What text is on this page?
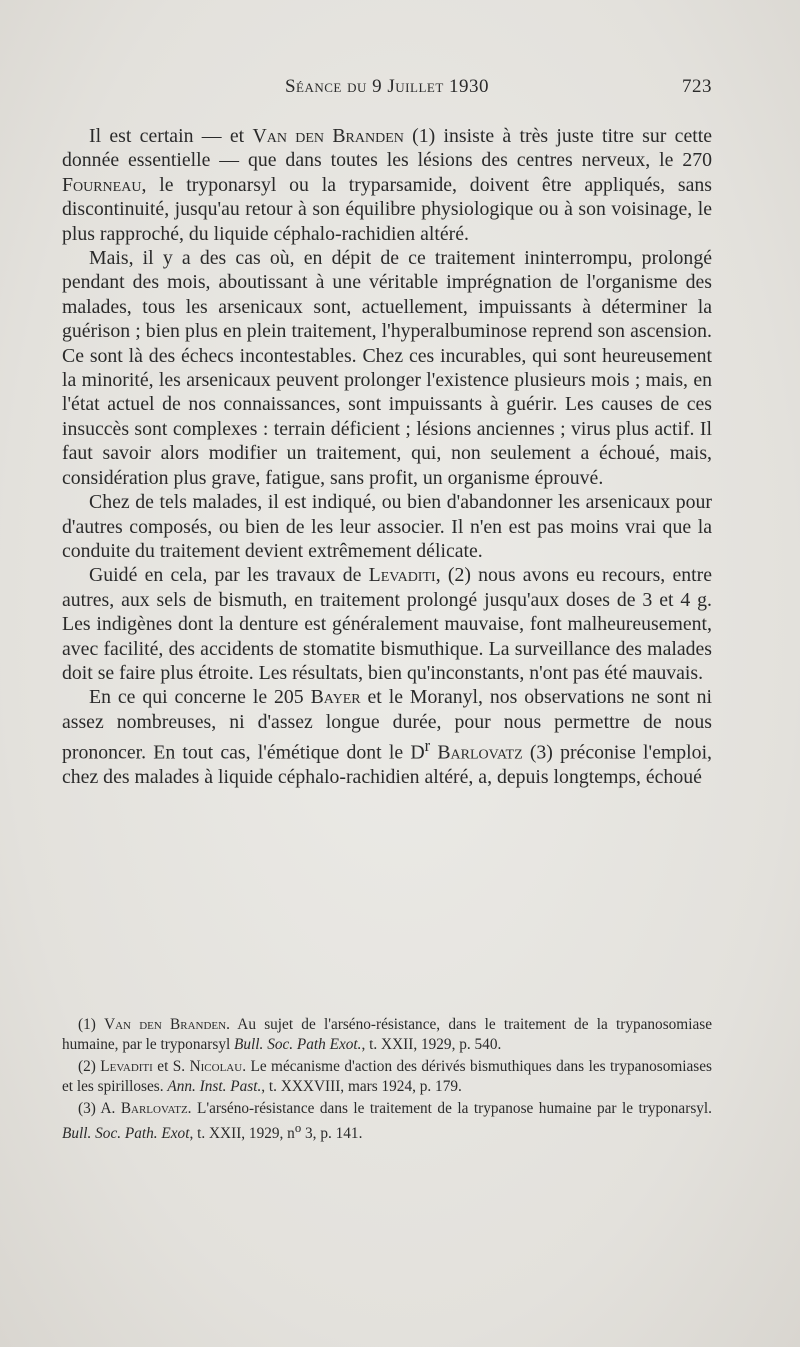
Séance du 9 Juillet 1930	723

Il est certain — et Van den Branden (1) insiste à très juste titre sur cette donnée essentielle — que dans toutes les lésions des centres nerveux, le 270 Fourneau, le tryponarsyl ou la tryparsamide, doivent être appliqués, sans discontinuité, jusqu'au retour à son équilibre physiologique ou à son voisinage, le plus rapproché, du liquide céphalo-rachidien altéré.

Mais, il y a des cas où, en dépit de ce traitement ininterrompu, prolongé pendant des mois, aboutissant à une véritable imprégnation de l'organisme des malades, tous les arsenicaux sont, actuellement, impuissants à déterminer la guérison ; bien plus en plein traitement, l'hyperalbuminose reprend son ascension. Ce sont là des échecs incontestables. Chez ces incurables, qui sont heureusement la minorité, les arsenicaux peuvent prolonger l'existence plusieurs mois ; mais, en l'état actuel de nos connaissances, sont impuissants à guérir. Les causes de ces insuccès sont complexes : terrain déficient ; lésions anciennes ; virus plus actif. Il faut savoir alors modifier un traitement, qui, non seulement a échoué, mais, considération plus grave, fatigue, sans profit, un organisme éprouvé.

Chez de tels malades, il est indiqué, ou bien d'abandonner les arsenicaux pour d'autres composés, ou bien de les leur associer. Il n'en est pas moins vrai que la conduite du traitement devient extrêmement délicate.

Guidé en cela, par les travaux de Levaditi, (2) nous avons eu recours, entre autres, aux sels de bismuth, en traitement prolongé jusqu'aux doses de 3 et 4 g. Les indigènes dont la denture est généralement mauvaise, font malheureusement, avec facilité, des accidents de stomatite bismuthique. La surveillance des malades doit se faire plus étroite. Les résultats, bien qu'inconstants, n'ont pas été mauvais.

En ce qui concerne le 205 Bayer et le Moranyl, nos observations ne sont ni assez nombreuses, ni d'assez longue durée, pour nous permettre de nous prononcer. En tout cas, l'émétique dont le $D^r$ Barlovatz (3) préconise l'emploi, chez des malades à liquide céphalo-rachidien altéré, a, depuis longtemps, échoué

(1) Van den Branden. Au sujet de l'arséno-résistance, dans le traitement de la trypanosomiase humaine, par le tryponarsyl Bull. Soc. Path Exot., t. XXII, 1929, p. 540.

(2) Levaditi et S. Nicolau. Le mécanisme d'action des dérivés bismuthiques dans les trypanosomiases et les spirilloses. Ann. Inst. Past., t. XXXVIII, mars 1924, p. 179.

(3) A. Barlovatz. L'arséno-résistance dans le traitement de la trypanose humaine par le tryponarsyl. Bull. Soc. Path. Exot, t. XXII, 1929, $n^o$ 3, p. 141.
